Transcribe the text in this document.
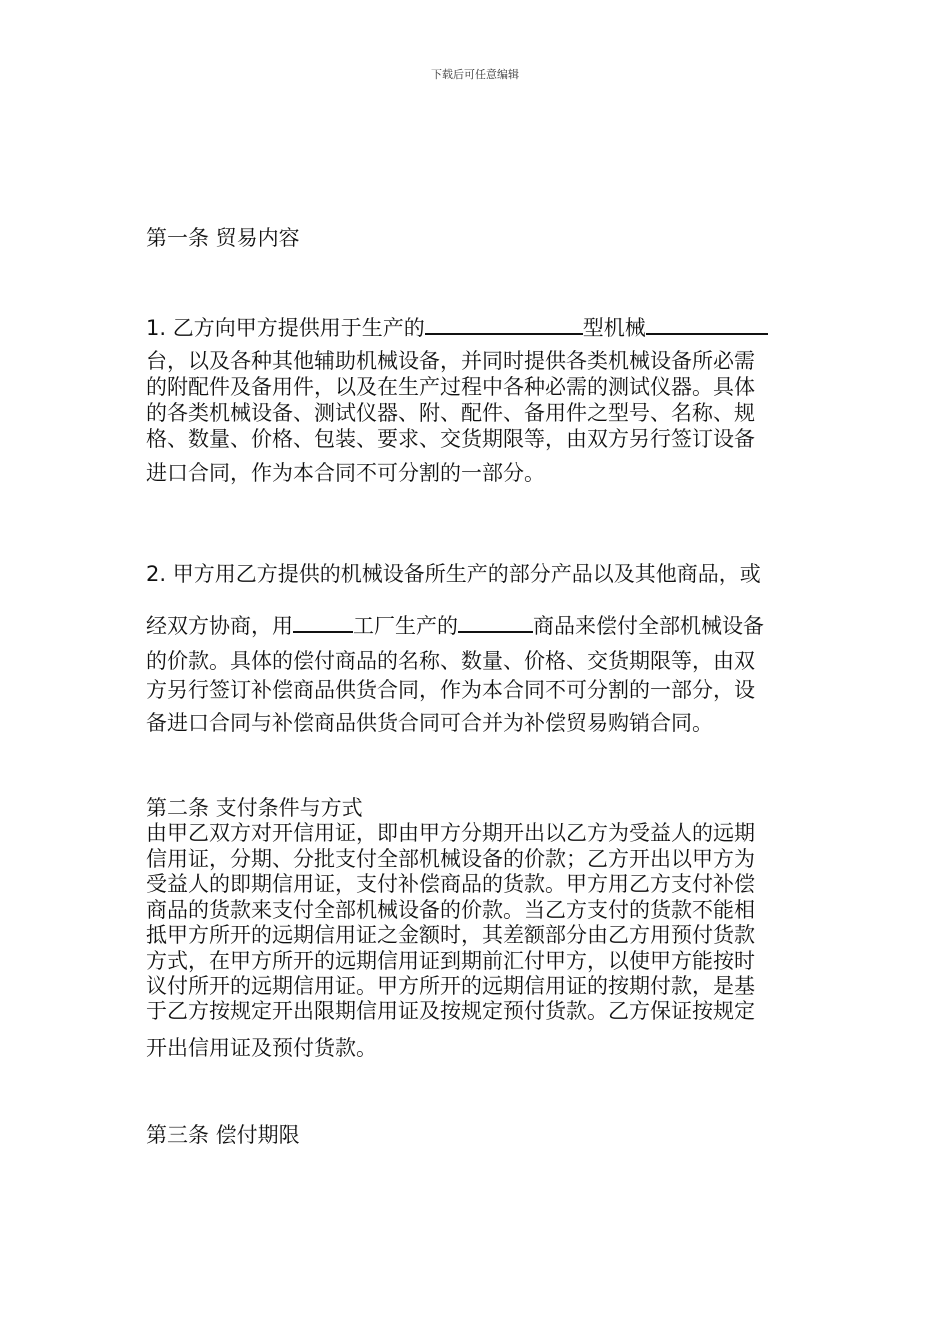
下载后可任意编辑
第一条 贸易内容
1. 乙方向甲方提供用于生产的	型机械
台，以及各种其他辅助机械设备，并同时提供各类机械设备所必需
的附配件及备用件，以及在生产过程中各种必需的测试仪器。具体
的各类机械设备、测试仪器、附、配件、备用件之型号、名称、规
格、数量、价格、包装、要求、交货期限等，由双方另行签订设备
进口合同，作为本合同不可分割的一部分。
2. 甲方用乙方提供的机械设备所生产的部分产品以及其他商品，或
经双方协商，用	工厂生产的	商品来偿付全部机械设备
的价款。具体的偿付商品的名称、数量、价格、交货期限等，由双
方另行签订补偿商品供货合同，作为本合同不可分割的一部分，设
备进口合同与补偿商品供货合同可合并为补偿贸易购销合同。
第二条 支付条件与方式
由甲乙双方对开信用证，即由甲方分期开出以乙方为受益人的远期
信用证，分期、分批支付全部机械设备的价款；乙方开出以甲方为
受益人的即期信用证，支付补偿商品的货款。甲方用乙方支付补偿
商品的货款来支付全部机械设备的价款。当乙方支付的货款不能相
抵甲方所开的远期信用证之金额时，其差额部分由乙方用预付货款
方式，在甲方所开的远期信用证到期前汇付甲方，以使甲方能按时
议付所开的远期信用证。甲方所开的远期信用证的按期付款，是基
于乙方按规定开出限期信用证及按规定预付货款。乙方保证按规定
开出信用证及预付货款。
第三条 偿付期限
